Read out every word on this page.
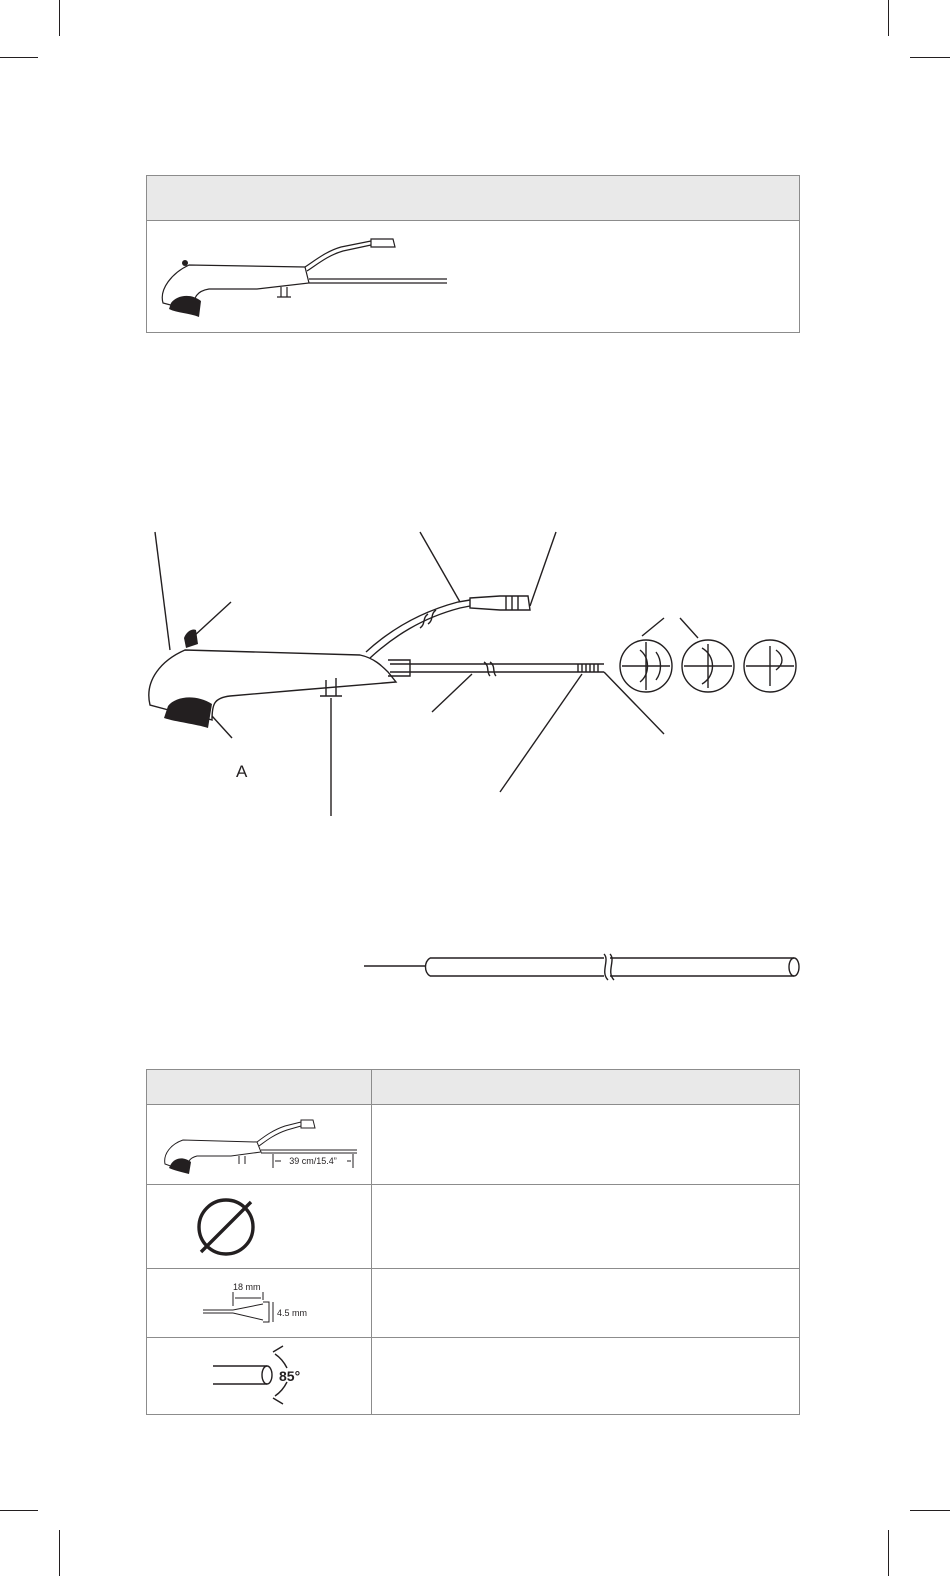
A
39 cm/15.4”
18 mm
4.5 mm
85°
